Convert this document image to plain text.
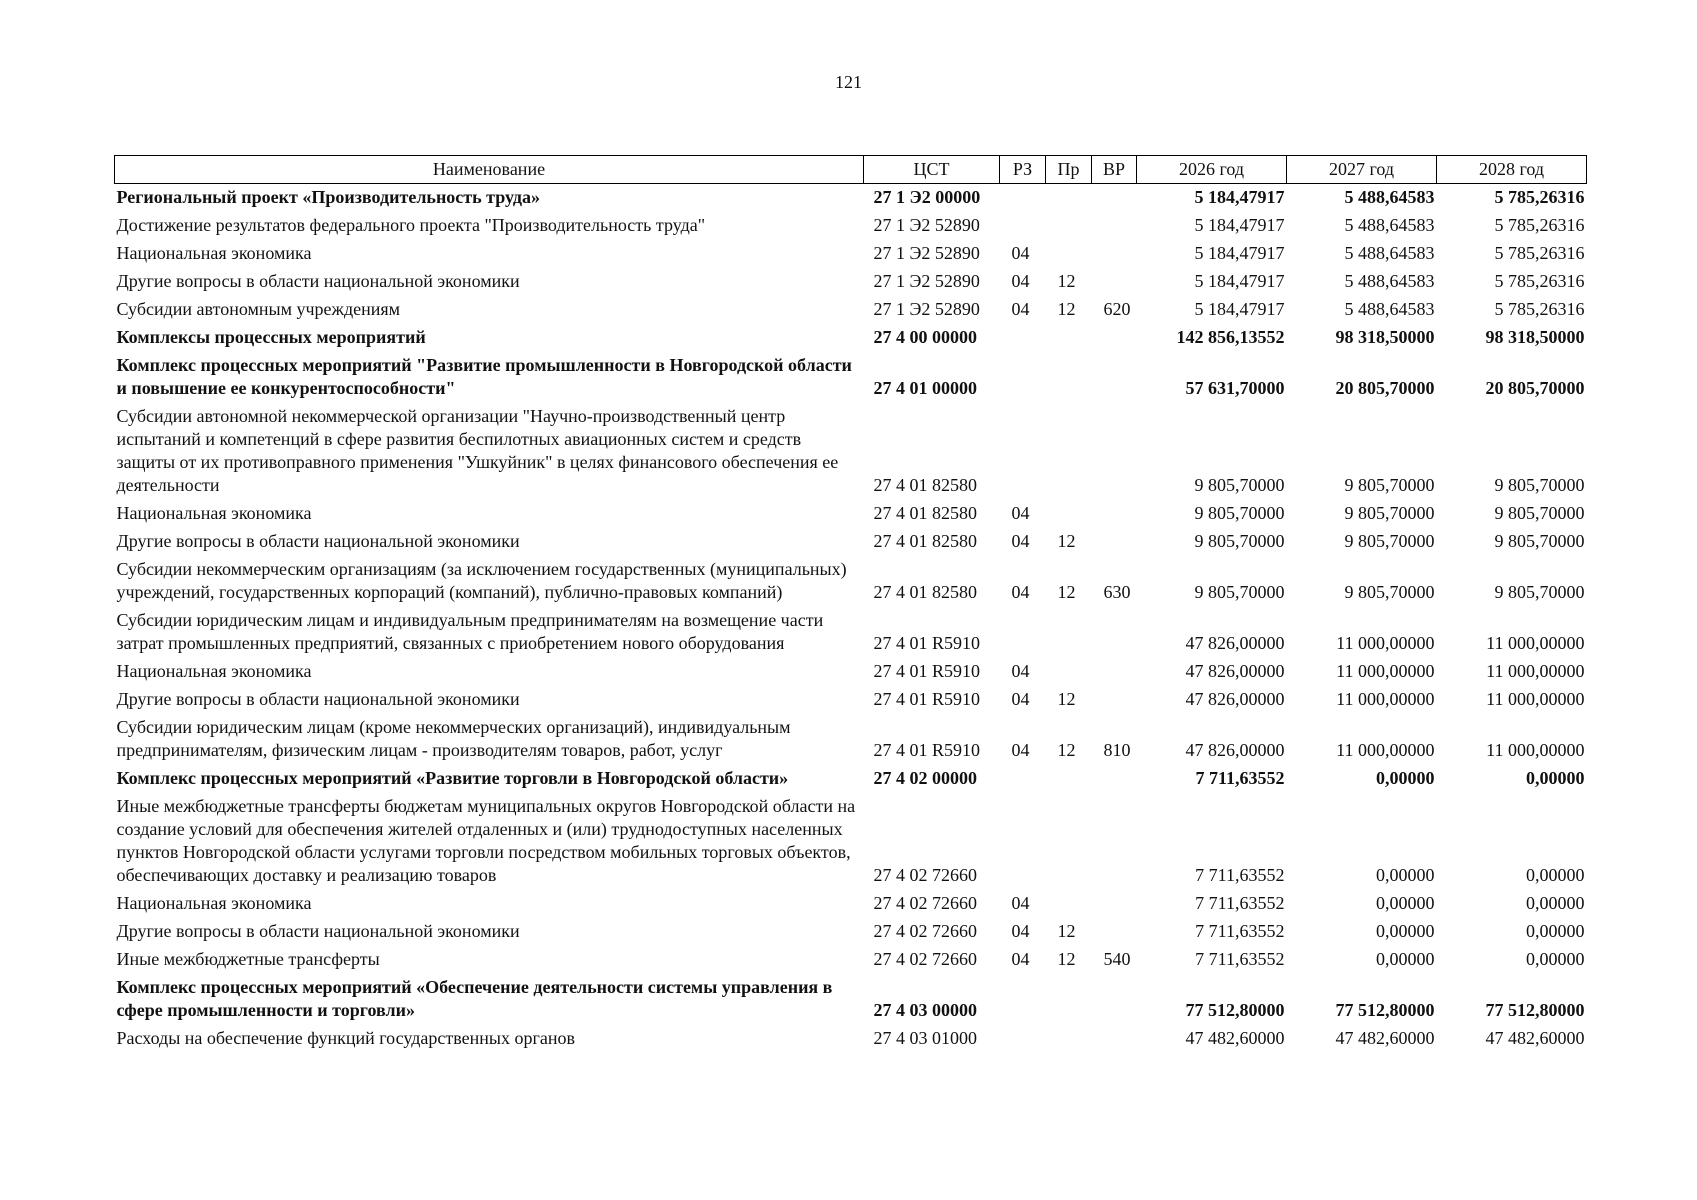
121
Наименование	ЦСТ	РЗ	Пр	ВР	2026 год	2027 год	2028 год
Региональный проект «Производительность труда»	27 1 Э2 00000				5 184,47917	5 488,64583	5 785,26316
Достижение результатов федерального проекта "Производительность труда"	27 1 Э2 52890				5 184,47917	5 488,64583	5 785,26316
Национальная экономика	27 1 Э2 52890	04			5 184,47917	5 488,64583	5 785,26316
Другие вопросы в области национальной экономики	27 1 Э2 52890	04	12		5 184,47917	5 488,64583	5 785,26316
Субсидии автономным учреждениям	27 1 Э2 52890	04	12	620	5 184,47917	5 488,64583	5 785,26316
Комплексы процессных мероприятий	27 4 00 00000				142 856,13552	98 318,50000	98 318,50000
Комплекс процессных мероприятий "Развитие промышленности в Новгородской области и повышение ее конкурентоспособности"	27 4 01 00000				57 631,70000	20 805,70000	20 805,70000
Субсидии автономной некоммерческой организации "Научно-производственный центр испытаний и компетенций в сфере развития беспилотных авиационных систем и средств защиты от их противоправного применения "Ушкуйник" в целях финансового обеспечения ее деятельности	27 4 01 82580				9 805,70000	9 805,70000	9 805,70000
Национальная экономика	27 4 01 82580	04			9 805,70000	9 805,70000	9 805,70000
Другие вопросы в области национальной экономики	27 4 01 82580	04	12		9 805,70000	9 805,70000	9 805,70000
Субсидии некоммерческим организациям (за исключением государственных (муниципальных) учреждений, государственных корпораций (компаний), публично-правовых компаний)	27 4 01 82580	04	12	630	9 805,70000	9 805,70000	9 805,70000
Субсидии юридическим лицам и индивидуальным предпринимателям на возмещение части затрат промышленных предприятий, связанных с приобретением нового оборудования	27 4 01 R5910				47 826,00000	11 000,00000	11 000,00000
Национальная экономика	27 4 01 R5910	04			47 826,00000	11 000,00000	11 000,00000
Другие вопросы в области национальной экономики	27 4 01 R5910	04	12		47 826,00000	11 000,00000	11 000,00000
Субсидии юридическим лицам (кроме некоммерческих организаций), индивидуальным предпринимателям, физическим лицам - производителям товаров, работ, услуг	27 4 01 R5910	04	12	810	47 826,00000	11 000,00000	11 000,00000
Комплекс процессных мероприятий «Развитие торговли в Новгородской области»	27 4 02 00000				7 711,63552	0,00000	0,00000
Иные межбюджетные трансферты бюджетам муниципальных округов Новгородской области на создание условий для обеспечения жителей отдаленных и (или) труднодоступных населенных пунктов Новгородской области услугами торговли посредством мобильных торговых объектов, обеспечивающих доставку и реализацию товаров	27 4 02 72660				7 711,63552	0,00000	0,00000
Национальная экономика	27 4 02 72660	04			7 711,63552	0,00000	0,00000
Другие вопросы в области национальной экономики	27 4 02 72660	04	12		7 711,63552	0,00000	0,00000
Иные межбюджетные трансферты	27 4 02 72660	04	12	540	7 711,63552	0,00000	0,00000
Комплекс процессных мероприятий «Обеспечение деятельности системы управления в сфере промышленности и торговли»	27 4 03 00000				77 512,80000	77 512,80000	77 512,80000
Расходы на обеспечение функций государственных органов	27 4 03 01000				47 482,60000	47 482,60000	47 482,60000
